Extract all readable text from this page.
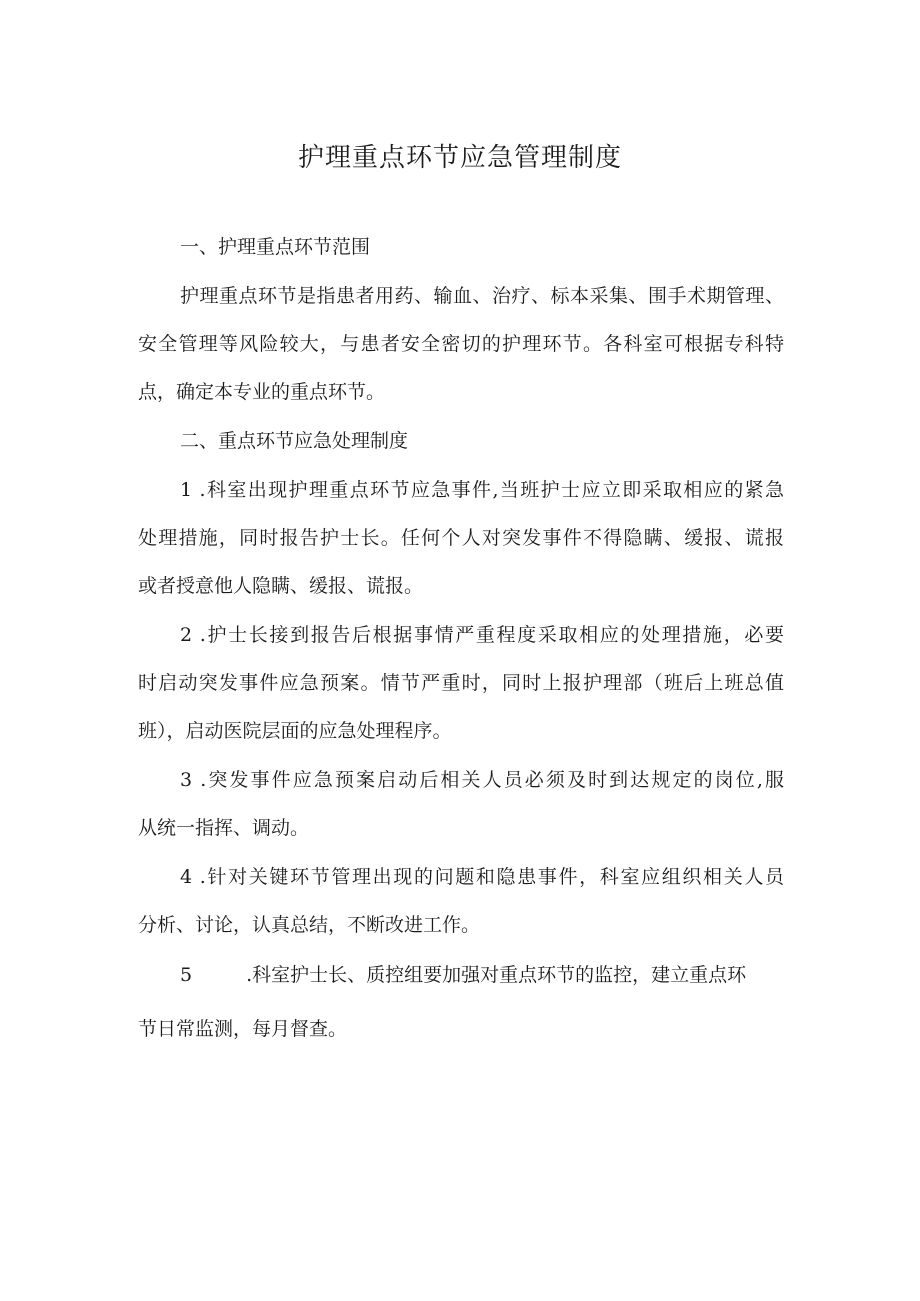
护理重点环节应急管理制度

一、护理重点环节范围

护理重点环节是指患者用药、输血、治疗、标本采集、围手术期管理、

安全管理等风险较大，与患者安全密切的护理环节。各科室可根据专科特

点，确定本专业的重点环节。

二、重点环节应急处理制度

1 .科室出现护理重点环节应急事件,当班护士应立即采取相应的紧急

处理措施，同时报告护士长。任何个人对突发事件不得隐瞒、缓报、谎报

或者授意他人隐瞒、缓报、谎报。

2 .护士长接到报告后根据事情严重程度采取相应的处理措施，必要

时启动突发事件应急预案。情节严重时，同时上报护理部（班后上班总值

班），启动医院层面的应急处理程序。

3 .突发事件应急预案启动后相关人员必须及时到达规定的岗位,服

从统一指挥、调动。

4 .针对关键环节管理出现的问题和隐患事件，科室应组织相关人员

分析、讨论，认真总结，不断改进工作。

5	.科室护士长、质控组要加强对重点环节的监控，建立重点环

节日常监测，每月督查。
